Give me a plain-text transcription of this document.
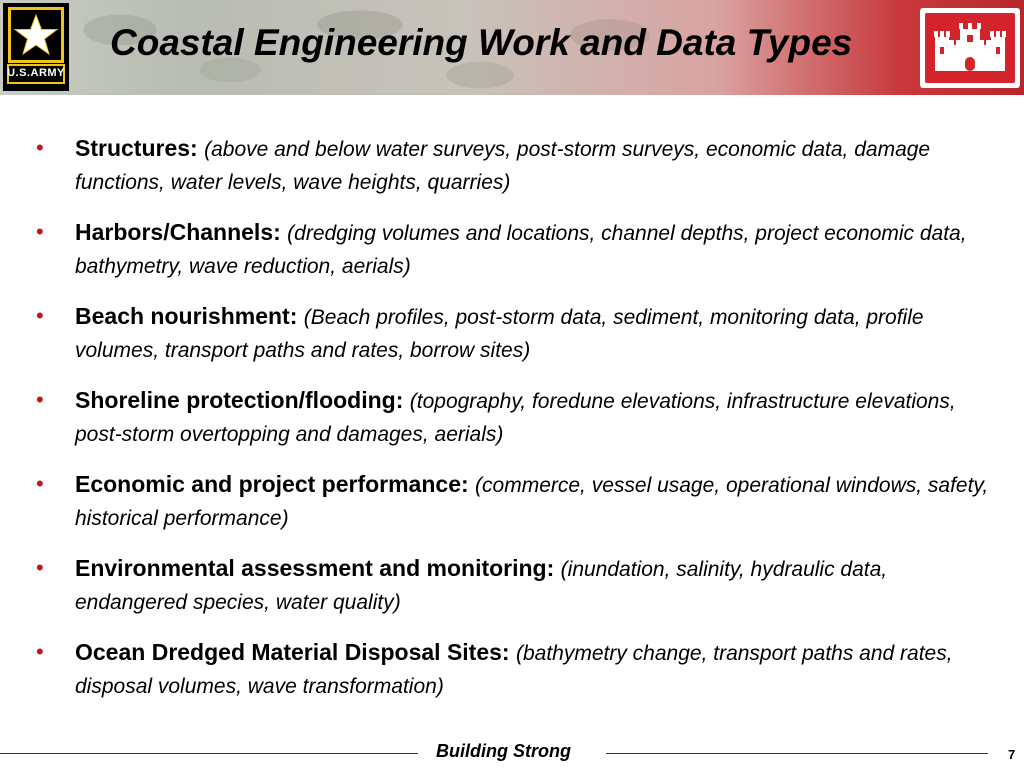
U.S.ARMY
Coastal Engineering Work and Data Types
• Structures: (above and below water surveys, post-storm surveys, economic data, damage functions, water levels, wave heights, quarries)
• Harbors/Channels: (dredging volumes and locations, channel depths, project economic data, bathymetry, wave reduction, aerials)
• Beach nourishment: (Beach profiles, post-storm data, sediment, monitoring data, profile volumes, transport paths and rates, borrow sites)
• Shoreline protection/flooding: (topography, foredune elevations, infrastructure elevations, post-storm overtopping and damages, aerials)
• Economic and project performance: (commerce, vessel usage, operational windows, safety, historical performance)
• Environmental assessment and monitoring: (inundation, salinity, hydraulic data, endangered species, water quality)
• Ocean Dredged Material Disposal Sites: (bathymetry change, transport paths and rates, disposal volumes, wave transformation)
Building Strong	7
